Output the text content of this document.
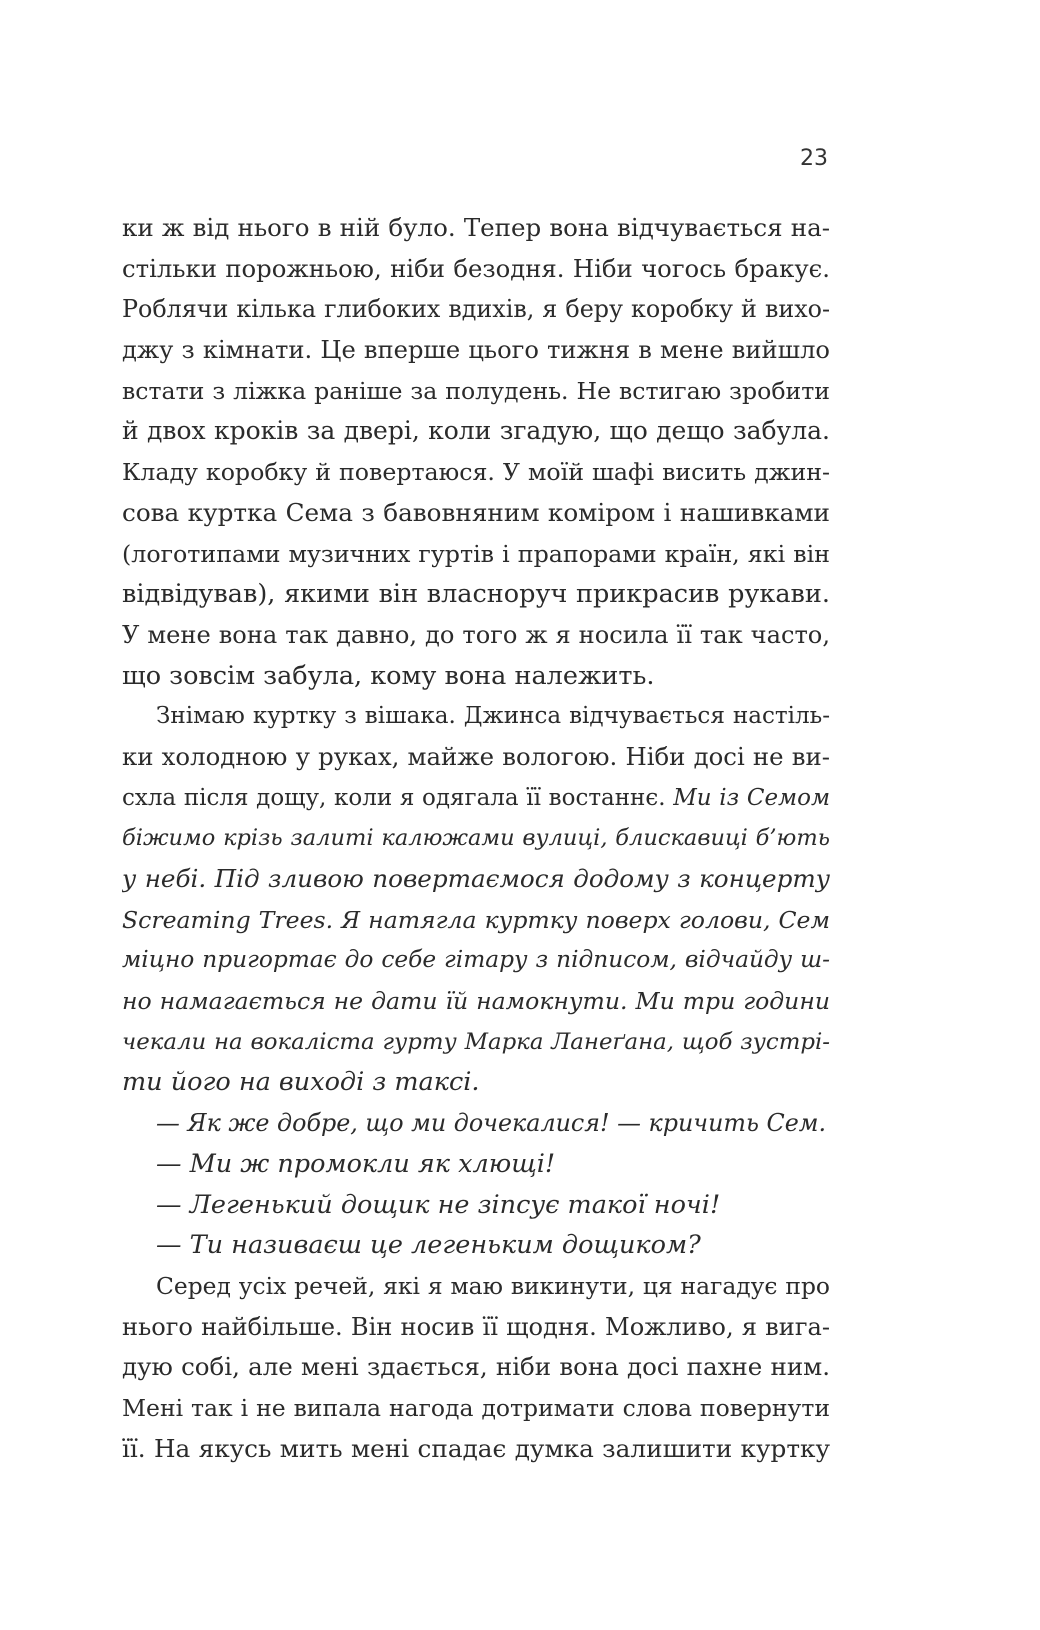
23
ки ж від нього в ній було. Тепер вона відчувається на-
стільки порожньою, ніби безодня. Ніби чогось бракує.
Роблячи кілька глибоких вдихів, я беру коробку й вихо-
джу з кімнати. Це вперше цього тижня в мене вийшло
встати з ліжка раніше за полудень. Не встигаю зробити
й двох кроків за двері, коли згадую, що дещо забула.
Кладу коробку й повертаюся. У моїй шафі висить джин-
сова куртка Сема з бавовняним коміром і нашивками
(логотипами музичних гуртів і прапорами країн, які він
відвідував), якими він власноруч прикрасив рукави.
У мене вона так давно, до того ж я носила її так часто,
що зовсім забула, кому вона належить.
Знімаю куртку з вішака. Джинса відчувається настіль-
ки холодною у руках, майже вологою. Ніби досі не ви-
схла після дощу, коли я одягала її востаннє. Ми із Семом
біжимо крізь залиті калюжами вулиці, блискавиці б’ють
у небі. Під зливою повертаємося додому з концерту
Screaming Trees. Я натягла куртку поверх голови, Сем
міцно пригортає до себе гітару з підписом, відчайду ш-
но намагається не дати їй намокнути. Ми три години
чекали на вокаліста гурту Марка Ланеґана, щоб зустрі-
ти його на виході з таксі.
— Як же добре, що ми дочекалися! — кричить Сем.
— Ми ж промокли як хлющі!
— Легенький дощик не зіпсує такої ночі!
— Ти називаєш це легеньким дощиком?
Серед усіх речей, які я маю викинути, ця нагадує про
нього найбільше. Він носив її щодня. Можливо, я вига-
дую собі, але мені здається, ніби вона досі пахне ним.
Мені так і не випала нагода дотримати слова повернути
її. На якусь мить мені спадає думка залишити куртку
